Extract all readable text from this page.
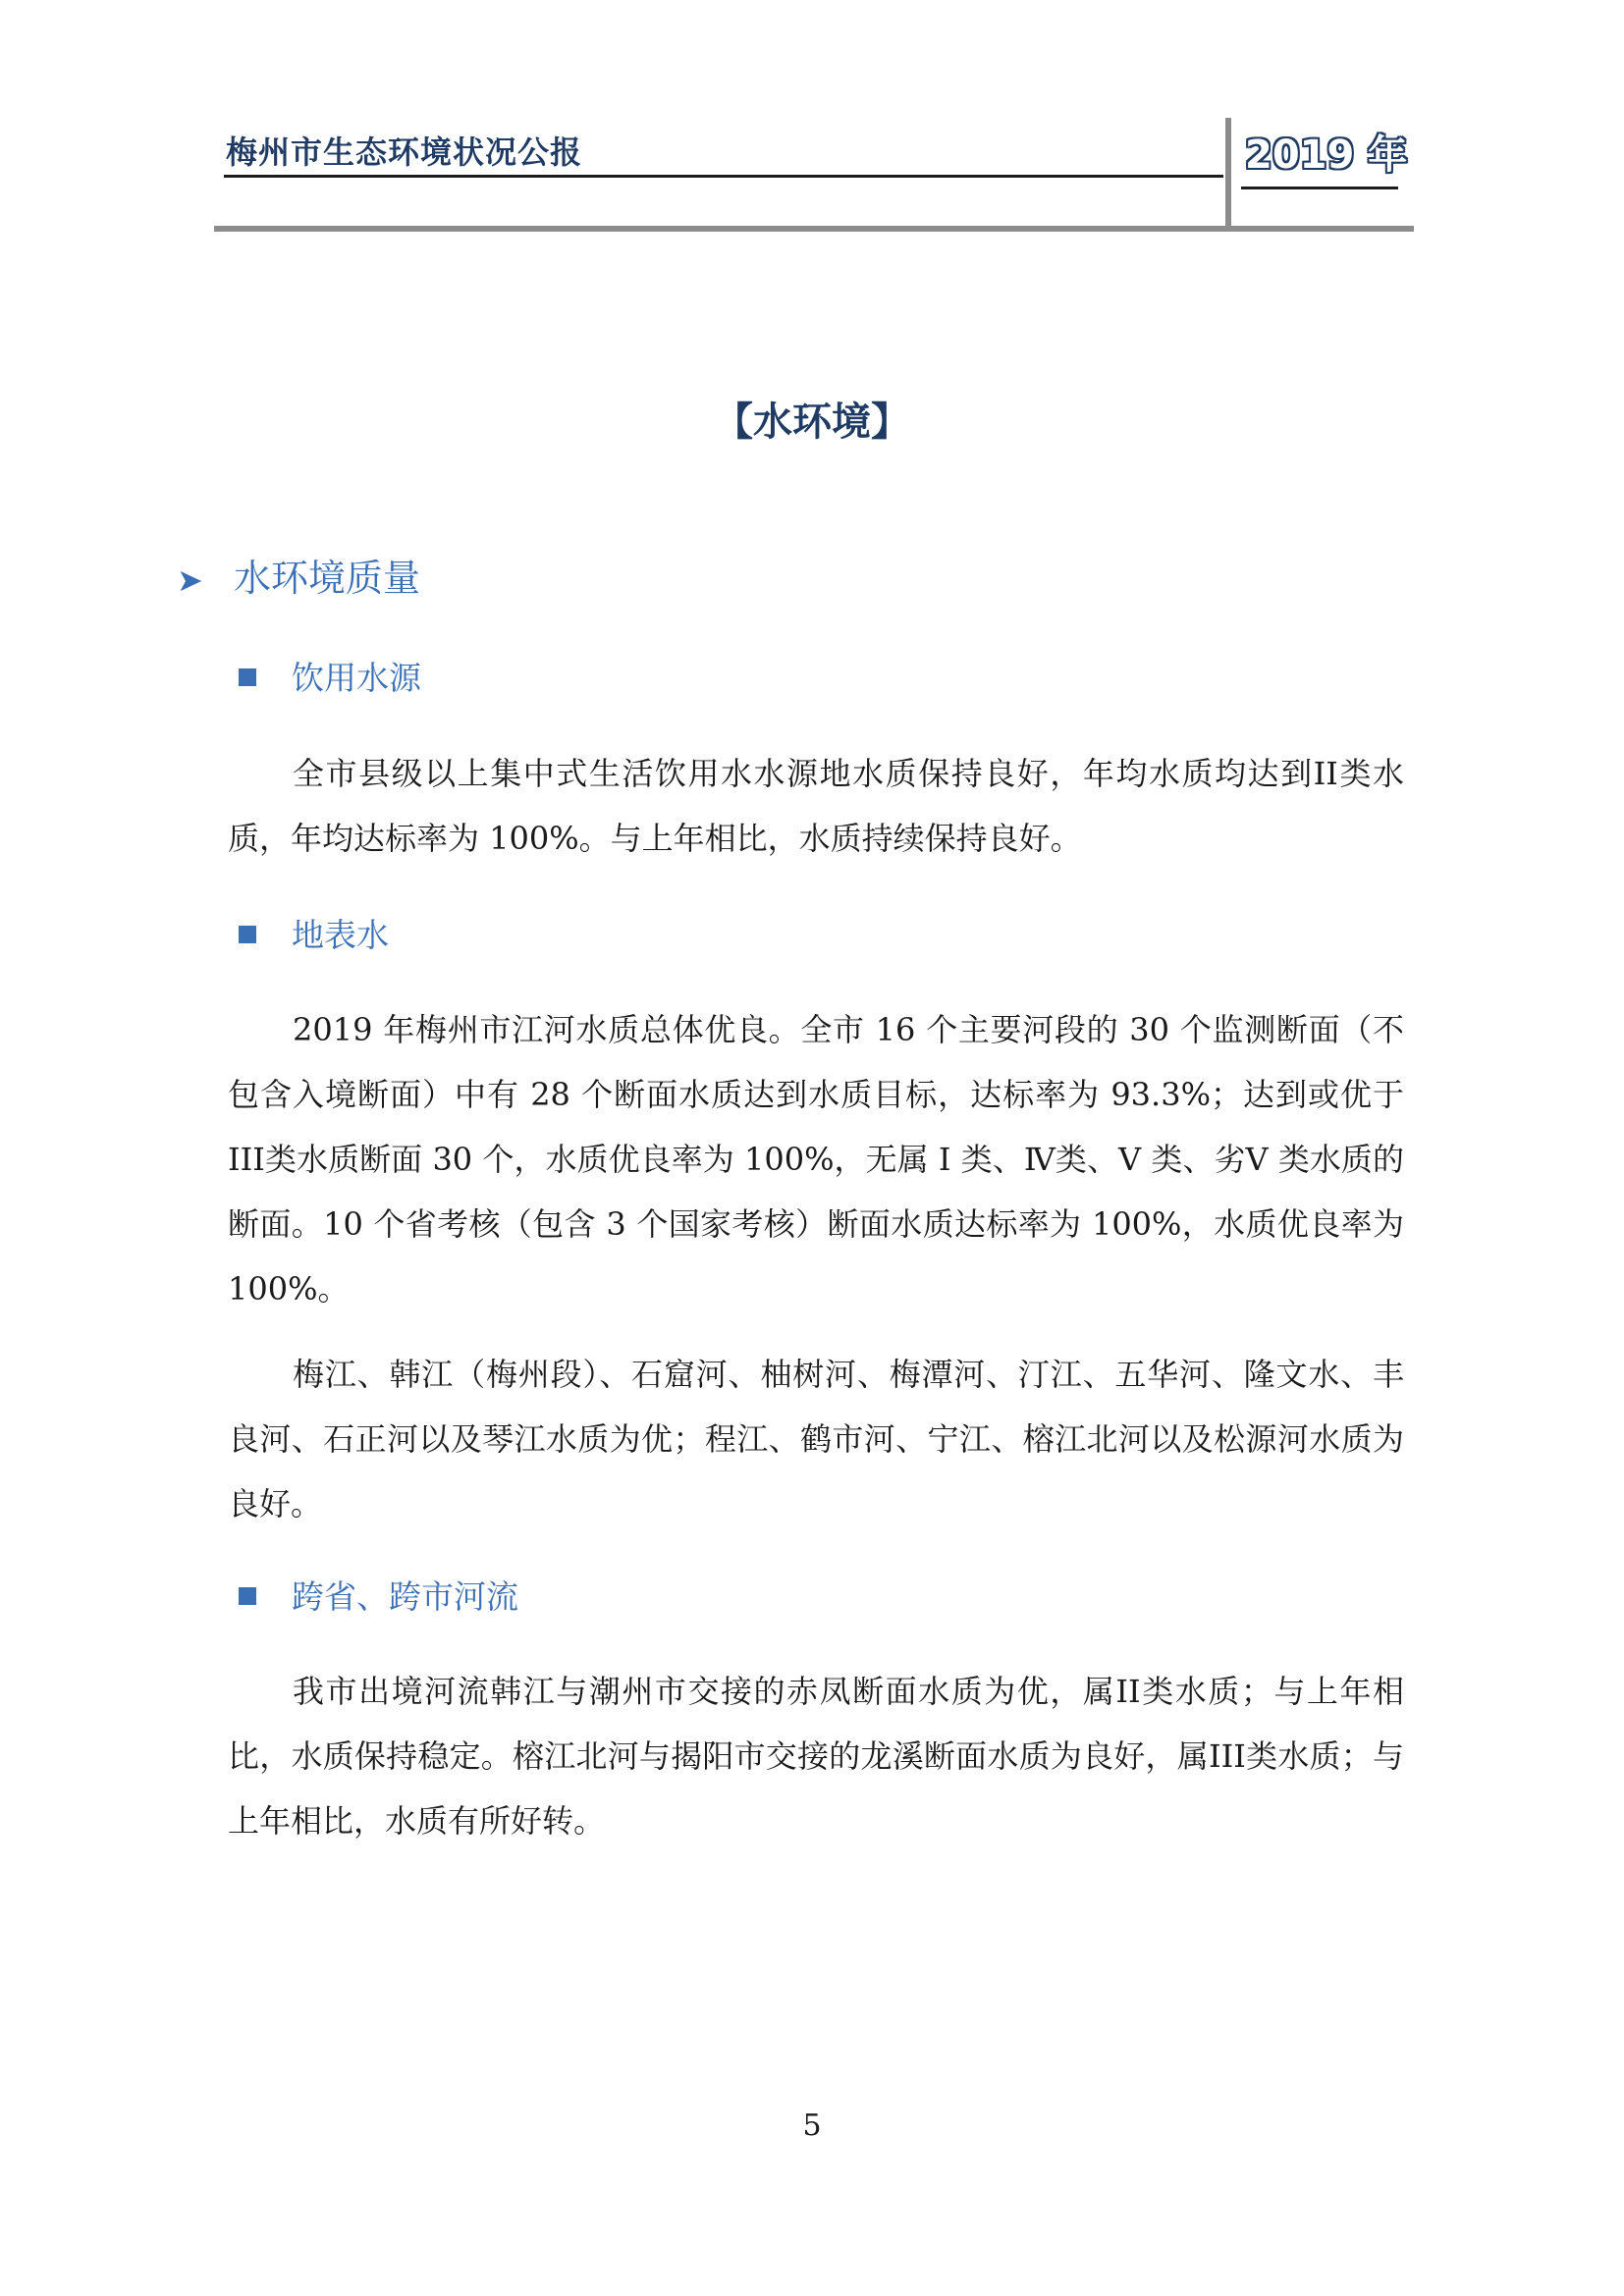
梅州市生态环境状况公报	2019 年
【水环境】
➤ 水环境质量
饮用水源

全市县级以上集中式生活饮用水水源地水质保持良好，年均水质均达到II类水质，年均达标率为 100%。与上年相比，水质持续保持良好。

地表水

2019 年梅州市江河水质总体优良。全市 16 个主要河段的 30 个监测断面（不包含入境断面）中有 28 个断面水质达到水质目标，达标率为 93.3%；达到或优于III类水质断面 30 个，水质优良率为 100%，无属 I 类、Ⅳ类、V 类、劣V 类水质的断面。10 个省考核（包含 3 个国家考核）断面水质达标率为 100%，水质优良率为 100%。

梅江、韩江（梅州段）、石窟河、柚树河、梅潭河、汀江、五华河、隆文水、丰良河、石正河以及琴江水质为优；程江、鹤市河、宁江、榕江北河以及松源河水质为良好。

跨省、跨市河流

我市出境河流韩江与潮州市交接的赤凤断面水质为优，属II类水质；与上年相比，水质保持稳定。榕江北河与揭阳市交接的龙溪断面水质为良好，属III类水质；与上年相比，水质有所好转。

5
